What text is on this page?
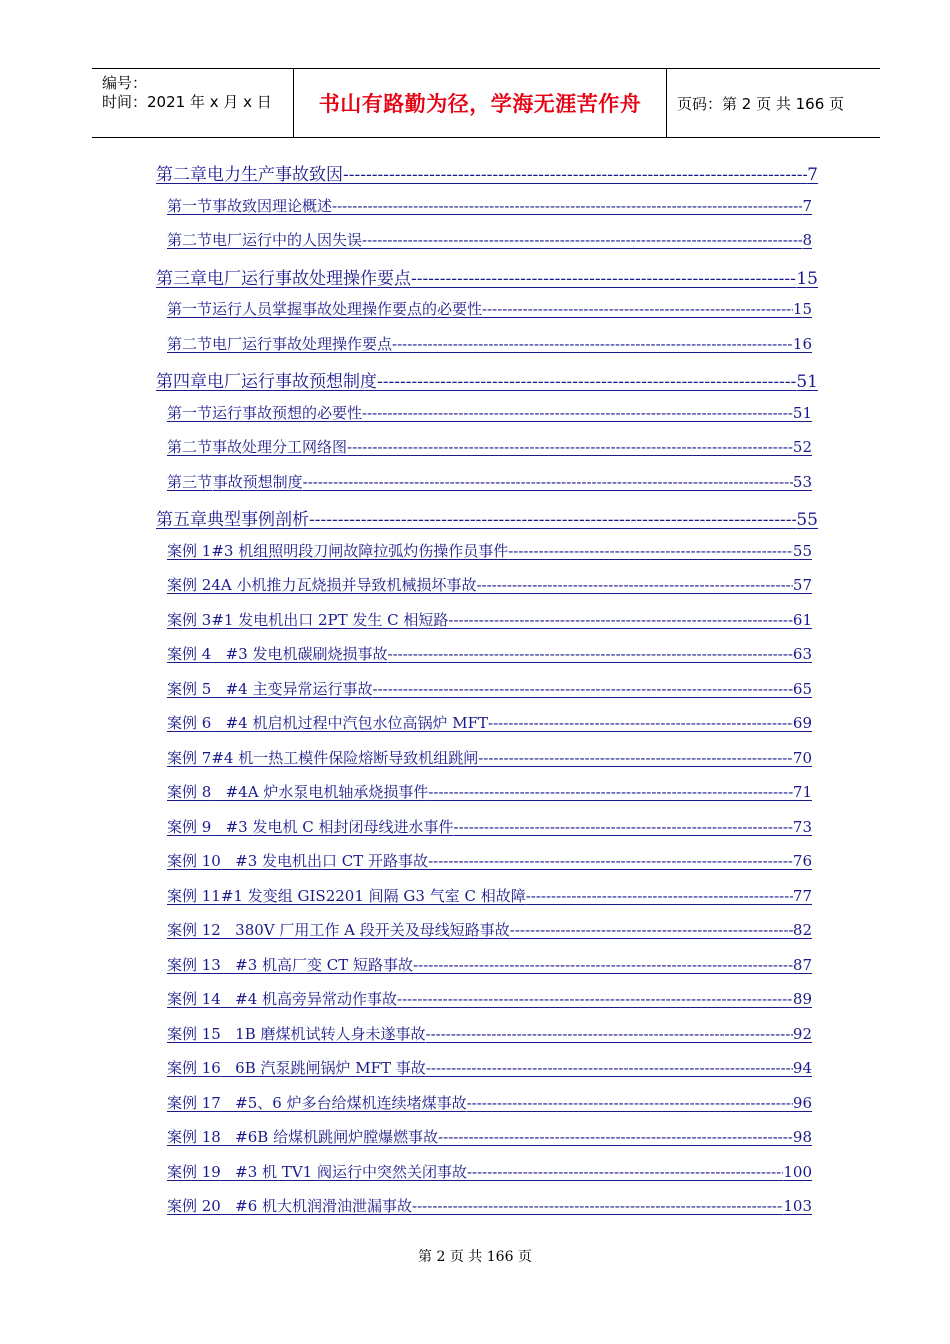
编号：
时间：2021 年 x 月 x 日	书山有路勤为径，学海无涯苦作舟	页码：第 2 页 共 166 页
第二章 电力生产事故致因 -----	7
第一节 事故致因理论概述 -----	7
第二节 电厂运行中的人因失误 -----	8
第三章 电厂运行事故处理操作要点 -----	15
第一节 运行人员掌握事故处理操作要点的必要性 -----	15
第二节 电厂运行事故处理操作要点 -----	16
第四章 电厂运行事故预想制度 -----	51
第一节 运行事故预想的必要性 -----	51
第二节 事故处理分工网络图 -----	52
第三节 事故预想制度 -----	53
第五章 典型事例剖析 -----	55
案例 1 #3 机组照明段刀闸故障拉弧灼伤操作员事件 -----	55
案例 2 4A 小机推力瓦烧损并导致机械损坏事故 -----	57
案例 3 #1 发电机出口 2PT 发生 C 相短路 -----	61
案例 4 #3 发电机碳刷烧损事故 -----	63
案例 5 #4 主变异常运行事故 -----	65
案例 6 #4 机启机过程中汽包水位高锅炉 MFT -----	69
案例 7 #4 机一热工模件保险熔断导致机组跳闸 -----	70
案例 8 #4A 炉水泵电机轴承烧损事件 -----	71
案例 9 #3 发电机 C 相封闭母线进水事件 -----	73
案例 10 #3 发电机出口 CT 开路事故 -----	76
案例 11 #1 发变组 GIS2201 间隔 G3 气室 C 相故障 -----	77
案例 12 380V 厂用工作 A 段开关及母线短路事故 -----	82
案例 13 #3 机高厂变 CT 短路事故 -----	87
案例 14 #4 机高旁异常动作事故 -----	89
案例 15 1B 磨煤机试转人身未遂事故 -----	92
案例 16 6B 汽泵跳闸锅炉 MFT 事故 -----	94
案例 17 #5、6 炉多台给煤机连续堵煤事故 -----	96
案例 18 #6B 给煤机跳闸炉膛爆燃事故 -----	98
案例 19 #3 机 TV1 阀运行中突然关闭事故 -----	100
案例 20 #6 机大机润滑油泄漏事故 -----	103
第 2 页 共 166 页
